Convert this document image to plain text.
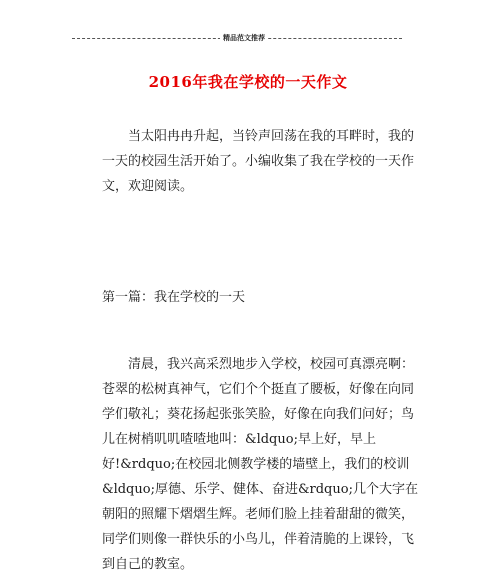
精品范文推荐
2016年我在学校的一天作文

当太阳冉冉升起，当铃声回荡在我的耳畔时，我的一天的校园生活开始了。小编收集了我在学校的一天作文，欢迎阅读。

第一篇：我在学校的一天

清晨，我兴高采烈地步入学校，校园可真漂亮啊：苍翠的松树真神气，它们个个挺直了腰板，好像在向同学们敬礼；葵花扬起张张笑脸，好像在向我们问好；鸟儿在树梢叽叽喳喳地叫：&ldquo;早上好，早上好!&rdquo;在校园北侧教学楼的墙壁上，我们的校训&ldquo;厚德、乐学、健体、奋进&rdquo;几个大字在朝阳的照耀下熠熠生辉。老师们脸上挂着甜甜的微笑，同学们则像一群快乐的小鸟儿，伴着清脆的上课铃，飞到自己的教室。
